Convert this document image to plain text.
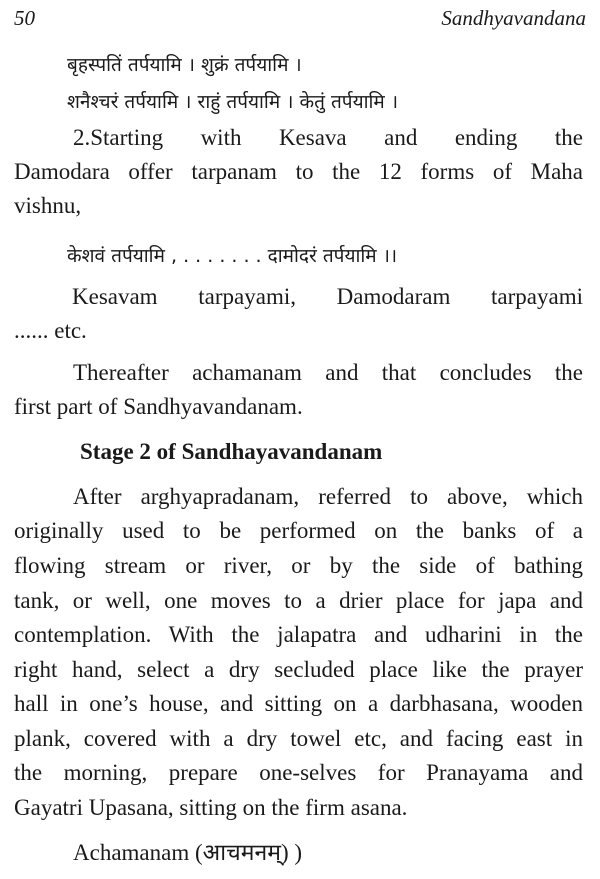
50	Sandhyavandana
बृहस्पतिं तर्पयामि । शुक्रं तर्पयामि ।
शनैश्चरं तर्पयामि । राहुं तर्पयामि । केतुं तर्पयामि ।
2.Starting with Kesava and ending the
Damodara offer tarpanam to the 12 forms of Maha
vishnu,
केशवं तर्पयामि , . . . . . . . दामोदरं तर्पयामि ।।
Kesavam tarpayami, Damodaram tarpayami
...... etc.
Thereafter achamanam and that concludes the
first part of Sandhyavandanam.
Stage 2 of Sandhayavandanam
After arghyapradanam, referred to above, which
originally used to be performed on the banks of a
flowing stream or river, or by the side of bathing
tank, or well, one moves to a drier place for japa and
contemplation. With the jalapatra and udharini in the
right hand, select a dry secluded place like the prayer
hall in one’s house, and sitting on a darbhasana, wooden
plank, covered with a dry towel etc, and facing east in
the morning, prepare one-selves for Pranayama and
Gayatri Upasana, sitting on the firm asana.
Achamanam (आचमनम्) )
